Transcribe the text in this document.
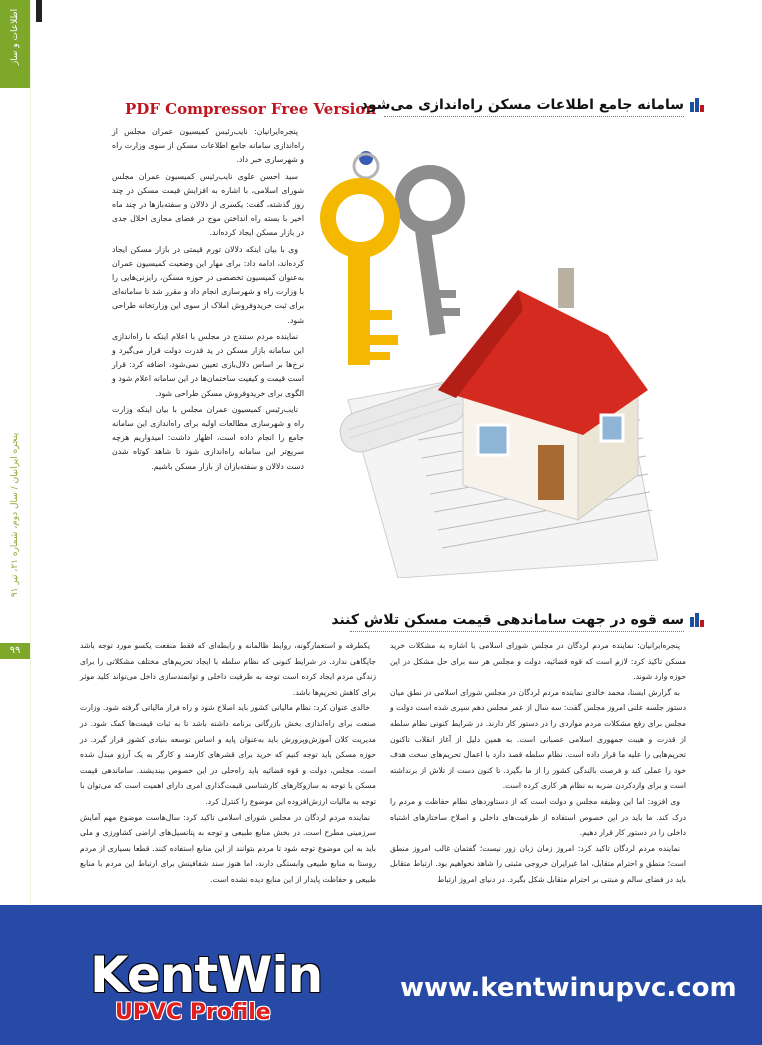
اطلاعات و ساز
پنجره ایرانیان / سال دوم، شماره ۲۱، تیر ۹۱
۹۹
PDF Compressor Free Version
سامانه جامع اطلاعات مسکن راه‌اندازی می‌شود

پنجره‌ایرانیان: نایب‌رئیس کمیسیون عمران مجلس از راه‌اندازی سامانه جامع اطلاعات مسکن از سوی وزارت راه و شهرسازی خبر داد.

سید احسن علوی نایب‌رئیس کمیسیون عمران مجلس شورای اسلامی، با اشاره به افزایش قیمت مسکن در چند روز گذشته، گفت: یکسری از دلالان و سفته‌بازها در چند ماه اخیر با بسته راه انداختن موج در فضای مجازی اخلال جدی در بازار مسکن ایجاد کرده‌اند.

وی با بیان اینکه دلالان تورم قیمتی در بازار مسکن ایجاد کرده‌اند، ادامه داد: برای مهار این وضعیت کمیسیون عمران به‌عنوان کمیسیون تخصصی در حوزه مسکن، رایزنی‌هایی را با وزارت راه و شهرسازی انجام داد و مقرر شد تا سامانه‌ای برای ثبت خریدوفروش املاک از سوی این وزارتخانه طراحی شود.

نماینده مردم سنندج در مجلس با اعلام اینکه با راه‌اندازی این سامانه بازار مسکن در ید قدرت دولت قرار می‌گیرد و نرخ‌ها بر اساس دلال‌بازی تعیین نمی‌شود، اضافه کرد: قرار است قیمت و کیفیت ساختمان‌ها در این سامانه اعلام شود و الگوی برای خریدوفروش مسکن طراحی شود.

نایب‌رئیس کمیسیون عمران مجلس با بیان اینکه وزارت راه و شهرسازی مطالعات اولیه برای راه‌اندازی این سامانه جامع را انجام داده است، اظهار داشت: امیدواریم هرچه سریع‌تر این سامانه راه‌اندازی شود تا شاهد کوتاه شدن دست دلالان و سفته‌بازان از بازار مسکن باشیم.

سه قوه در جهت ساماندهی قیمت مسکن تلاش کنند

پنجره‌ایرانیان: نماینده مردم لردگان در مجلس شورای اسلامی با اشاره به مشکلات خرید مسکن تاکید کرد: لازم است که قوه قضائیه، دولت و مجلس هر سه برای حل مشکل در این حوزه وارد شوند.

به گزارش ایسنا، محمد خالدی نماینده مردم لردگان در مجلس شورای اسلامی در نطق میان دستور جلسه علنی امروز مجلس گفت: سه سال از عمر مجلس دهم سپری شده است دولت و مجلس برای رفع مشکلات مردم مواردی را در دستور کار دارند. در شرایط کنونی نظام سلطه از قدرت و هیبت جمهوری اسلامی عصبانی است. به همین دلیل از آغاز انقلاب تاکنون تحریم‌هایی را علیه ما قرار داده است. نظام سلطه قصد دارد با اعمال تحریم‌های سخت هدف خود را عملی کند و فرصت بالندگی کشور را از ما بگیرد. تا کنون دست از تلاش از برنداشته است و برای واردکردن ضربه به نظام هر کاری کرده است.

وی افزود: اما این وظیفه مجلس و دولت است که از دستاوردهای نظام حفاظت و مردم را درک کند. ما باید در این خصوص استفاده از ظرفیت‌های داخلی و اصلاح ساختارهای اشتباه داخلی را در دستور کار قرار دهیم.

نماینده مردم لردگان تاکید کرد: امروز زمان زبان زور نیست؛ گفتمان غالب امروز منطق است؛ منطق و احترام متقابل، اما غیرایران خروجی مثبتی را شاهد نخواهیم بود. ارتباط متقابل باید در فضای سالم و مبتنی بر احترام متقابل شکل بگیرد. در دنیای امروز ارتباط

یکطرفه و استعمارگونه، روابط ظالمانه و رابطه‌ای که فقط منفعت یکسو مورد توجه باشد جایگاهی ندارد. در شرایط کنونی که نظام سلطه با ایجاد تحریم‌های مختلف مشکلاتی را برای زندگی مردم ایجاد کرده است توجه به ظرفیت داخلی و توانمندسازی داخل می‌تواند کلید موثر برای کاهش تحریم‌ها باشد.

خالدی عنوان کرد: نظام مالیاتی کشور باید اصلاح شود و راه فرار مالیاتی گرفته شود. وزارت صنعت برای راه‌اندازی بخش بازرگانی برنامه داشته باشد تا به ثبات قیمت‌ها کمک شود. در مدیریت کلان آموزش‌وپرورش باید به‌عنوان پایه و اساس توسعه بنیادی کشور قرار گیرد. در حوزه مسکن باید توجه کنیم که خرید برای قشرهای کارمند و کارگر به یک آرزو مبدل شده است. مجلس، دولت و قوه قضائیه باید راه‌حلی در این خصوص بیندیشند. ساماندهی قیمت مسکن با توجه به سازوکارهای کارشناسی قیمت‌گذاری امری دارای اهمیت است که می‌توان با توجه به مالیات ارزش‌افزوده این موضوع را کنترل کرد.

نماینده مردم لردگان در مجلس شورای اسلامی تاکید کرد: سال‌هاست موضوع مهم آمایش سرزمینی مطرح است. در بخش منابع طبیعی و توجه به پتانسیل‌های اراضی کشاورزی و ملی باید به این موضوع توجه شود تا مردم بتوانند از این منابع استفاده کنند. قطعا بسیاری از مردم روستا به منابع طبیعی وابستگی دارند، اما هنوز سند شفافیتش برای ارتباط این مردم با منابع طبیعی و حفاظت پایدار از این منابع دیده نشده است.

KentWin
UPVC Profile
www.kentwinupvc.com
